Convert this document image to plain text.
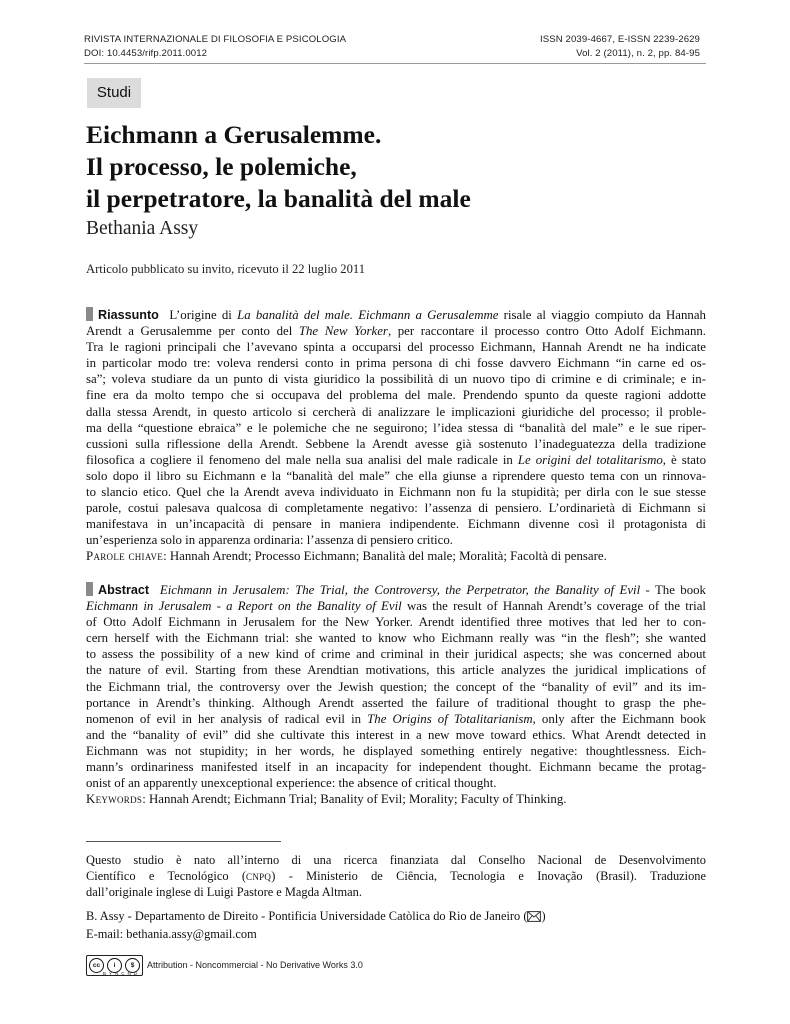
RIVISTA INTERNAZIONALE DI FILOSOFIA E PSICOLOGIA
DOI: 10.4453/rifp.2011.0012
ISSN 2039-4667, E-ISSN 2239-2629
Vol. 2 (2011), n. 2, pp. 84-95
Studi
Eichmann a Gerusalemme.
Il processo, le polemiche,
il perpetratore, la banalità del male
Bethania Assy
Articolo pubblicato su invito, ricevuto il 22 luglio 2011
Riassunto L’origine di La banalità del male. Eichmann a Gerusalemme risale al viaggio compiuto da Hannah
Arendt a Gerusalemme per conto del The New Yorker, per raccontare il processo contro Otto Adolf Eichmann.
Tra le ragioni principali che l’avevano spinta a occuparsi del processo Eichmann, Hannah Arendt ne ha indicate
in particolar modo tre: voleva rendersi conto in prima persona di chi fosse davvero Eichmann “in carne ed os-
sa”; voleva studiare da un punto di vista giuridico la possibilità di un nuovo tipo di crimine e di criminale; e in-
fine era da molto tempo che si occupava del problema del male. Prendendo spunto da queste ragioni addotte
dalla stessa Arendt, in questo articolo si cercherà di analizzare le implicazioni giuridiche del processo; il proble-
ma della “questione ebraica” e le polemiche che ne seguirono; l’idea stessa di “banalità del male” e le sue riper-
cussioni sulla riflessione della Arendt. Sebbene la Arendt avesse già sostenuto l’inadeguatezza della tradizione
filosofica a cogliere il fenomeno del male nella sua analisi del male radicale in Le origini del totalitarismo, è stato
solo dopo il libro su Eichmann e la “banalità del male” che ella giunse a riprendere questo tema con un rinnova-
to slancio etico. Quel che la Arendt aveva individuato in Eichmann non fu la stupidità; per dirla con le sue stesse
parole, costui palesava qualcosa di completamente negativo: l’assenza di pensiero. L’ordinarietà di Eichmann si
manifestava in un’incapacità di pensare in maniera indipendente. Eichmann divenne così il protagonista di
un’esperienza solo in apparenza ordinaria: l’assenza di pensiero critico.
Parole chiave: Hannah Arendt; Processo Eichmann; Banalità del male; Moralità; Facoltà di pensare.
Abstract Eichmann in Jerusalem: The Trial, the Controversy, the Perpetrator, the Banality of Evil - The book
Eichmann in Jerusalem - a Report on the Banality of Evil was the result of Hannah Arendt’s coverage of the trial
of Otto Adolf Eichmann in Jerusalem for the New Yorker. Arendt identified three motives that led her to con-
cern herself with the Eichmann trial: she wanted to know who Eichmann really was “in the flesh”; she wanted
to assess the possibility of a new kind of crime and criminal in their juridical aspects; she was concerned about
the nature of evil. Starting from these Arendtian motivations, this article analyzes the juridical implications of
the Eichmann trial, the controversy over the Jewish question; the concept of the “banality of evil” and its im-
portance in Arendt’s thinking. Although Arendt asserted the failure of traditional thought to grasp the phe-
nomenon of evil in her analysis of radical evil in The Origins of Totalitarianism, only after the Eichmann book
and the “banality of evil” did she cultivate this interest in a new move toward ethics. What Arendt detected in
Eichmann was not stupidity; in her words, he displayed something entirely negative: thoughtlessness. Eich-
mann’s ordinariness manifested itself in an incapacity for independent thought. Eichmann became the protag-
onist of an apparently unexceptional experience: the absence of critical thought.
Keywords: Hannah Arendt; Eichmann Trial; Banality of Evil; Morality; Faculty of Thinking.
Questo studio è nato all’interno di una ricerca finanziata dal Conselho Nacional de Desenvolvimento
Científico e Tecnológico (cnpq) - Ministerio de Ciência, Tecnologia e Inovação (Brasil). Traduzione
dall’originale inglese di Luigi Pastore e Magda Altman.
B. Assy - Departamento de Direito - Pontificia Universidade Catòlica do Rio de Janeiro ( )
E-mail: bethania.assy@gmail.com
cc	i	$
BYNCND
Attribution - Noncommercial - No Derivative Works 3.0
